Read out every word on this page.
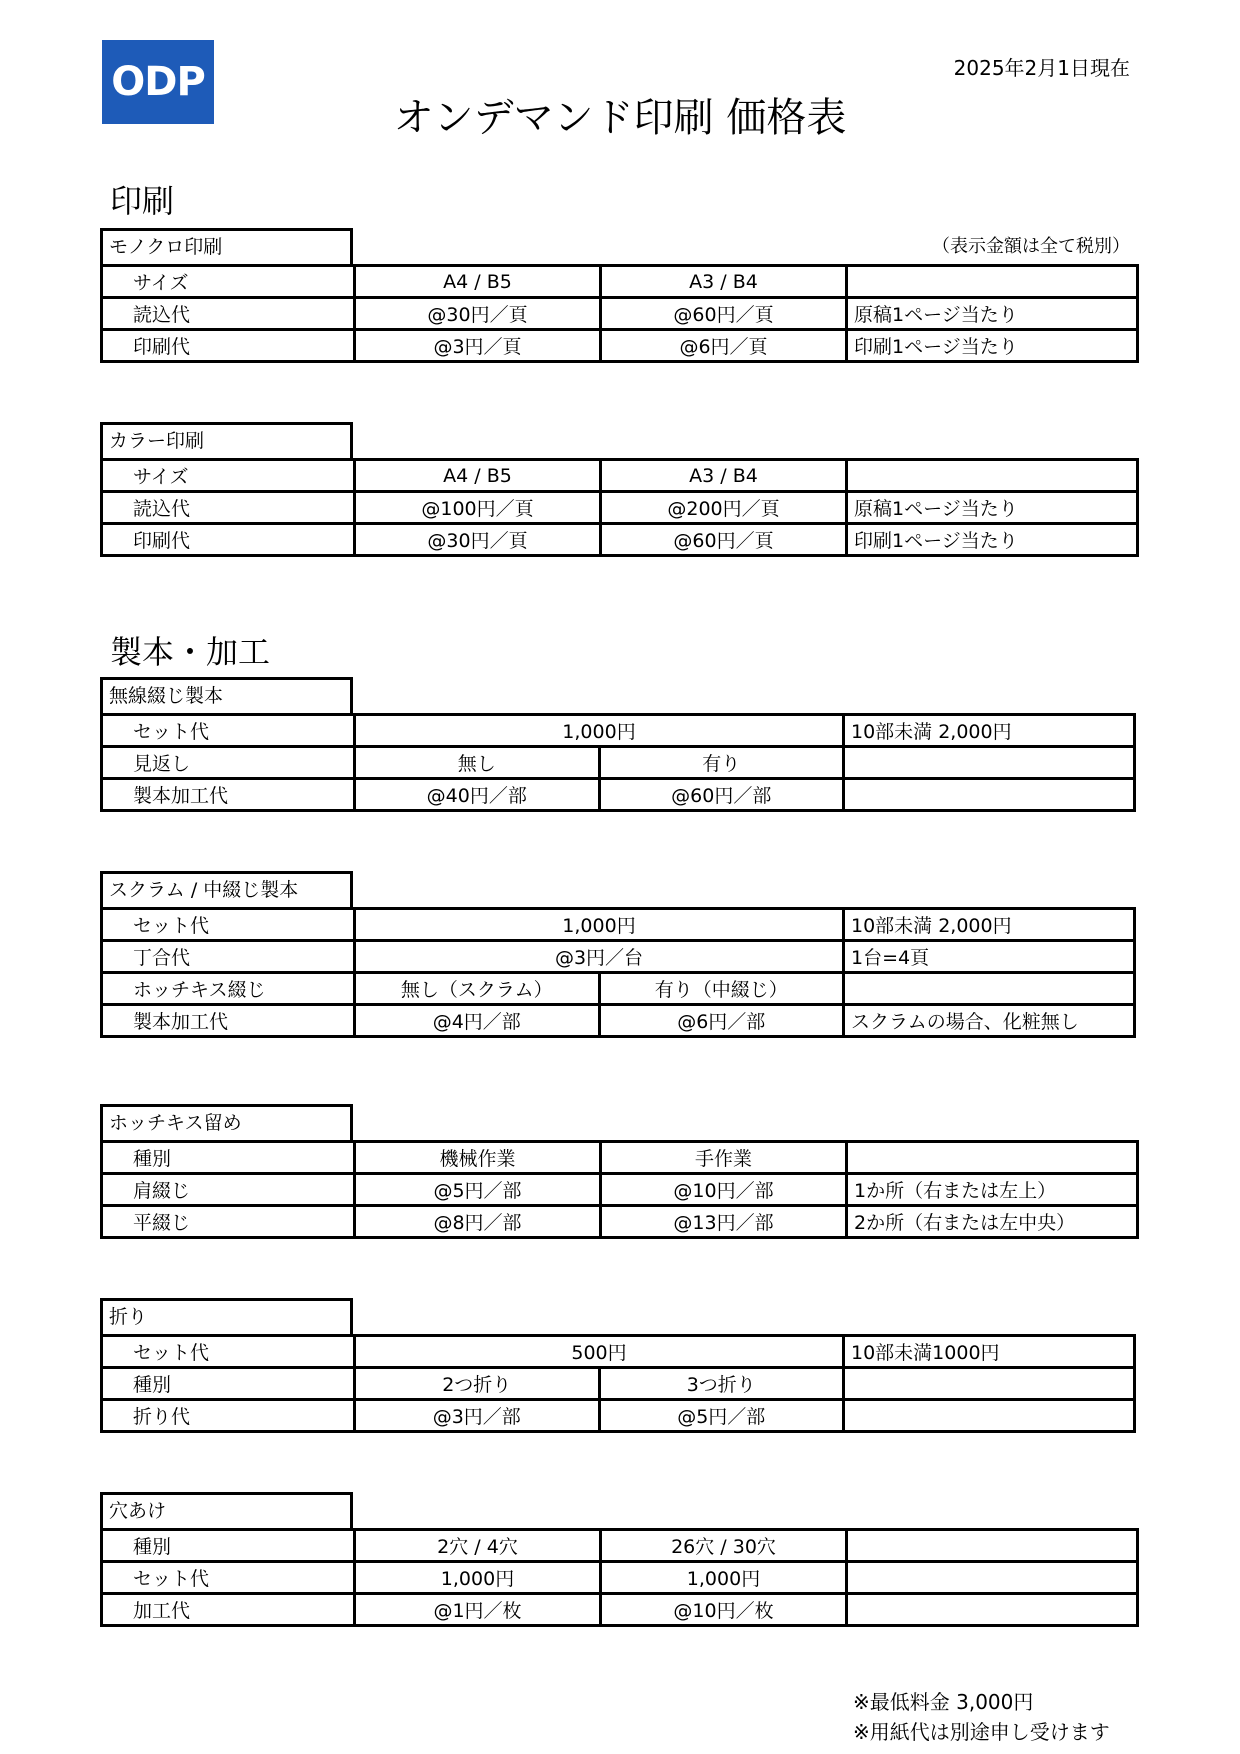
ODP	2025年2月1日現在
オンデマンド印刷 価格表
印刷
モノクロ印刷	（表示金額は全て税別）
サイズ	A4 / B5	A3 / B4	
読込代	@30円／頁	@60円／頁	原稿1ページ当たり
印刷代	@3円／頁	@6円／頁	印刷1ページ当たり
カラー印刷
サイズ	A4 / B5	A3 / B4	
読込代	@100円／頁	@200円／頁	原稿1ページ当たり
印刷代	@30円／頁	@60円／頁	印刷1ページ当たり
製本・加工
無線綴じ製本
セット代	1,000円		10部未満 2,000円
見返し	無し	有り	
製本加工代	@40円／部	@60円／部	
スクラム / 中綴じ製本
セット代	1,000円		10部未満 2,000円
丁合代	@3円／台		1台=4頁
ホッチキス綴じ	無し（スクラム）	有り（中綴じ）	
製本加工代	@4円／部	@6円／部	スクラムの場合、化粧無し
ホッチキス留め
種別	機械作業	手作業	
肩綴じ	@5円／部	@10円／部	1か所（右または左上）
平綴じ	@8円／部	@13円／部	2か所（右または左中央）
折り
セット代	500円		10部未満1000円
種別	2つ折り	3つ折り	
折り代	@3円／部	@5円／部	
穴あけ
種別	2穴 / 4穴	26穴 / 30穴	
セット代	1,000円	1,000円	
加工代	@1円／枚	@10円／枚	
※最低料金 3,000円
※用紙代は別途申し受けます
